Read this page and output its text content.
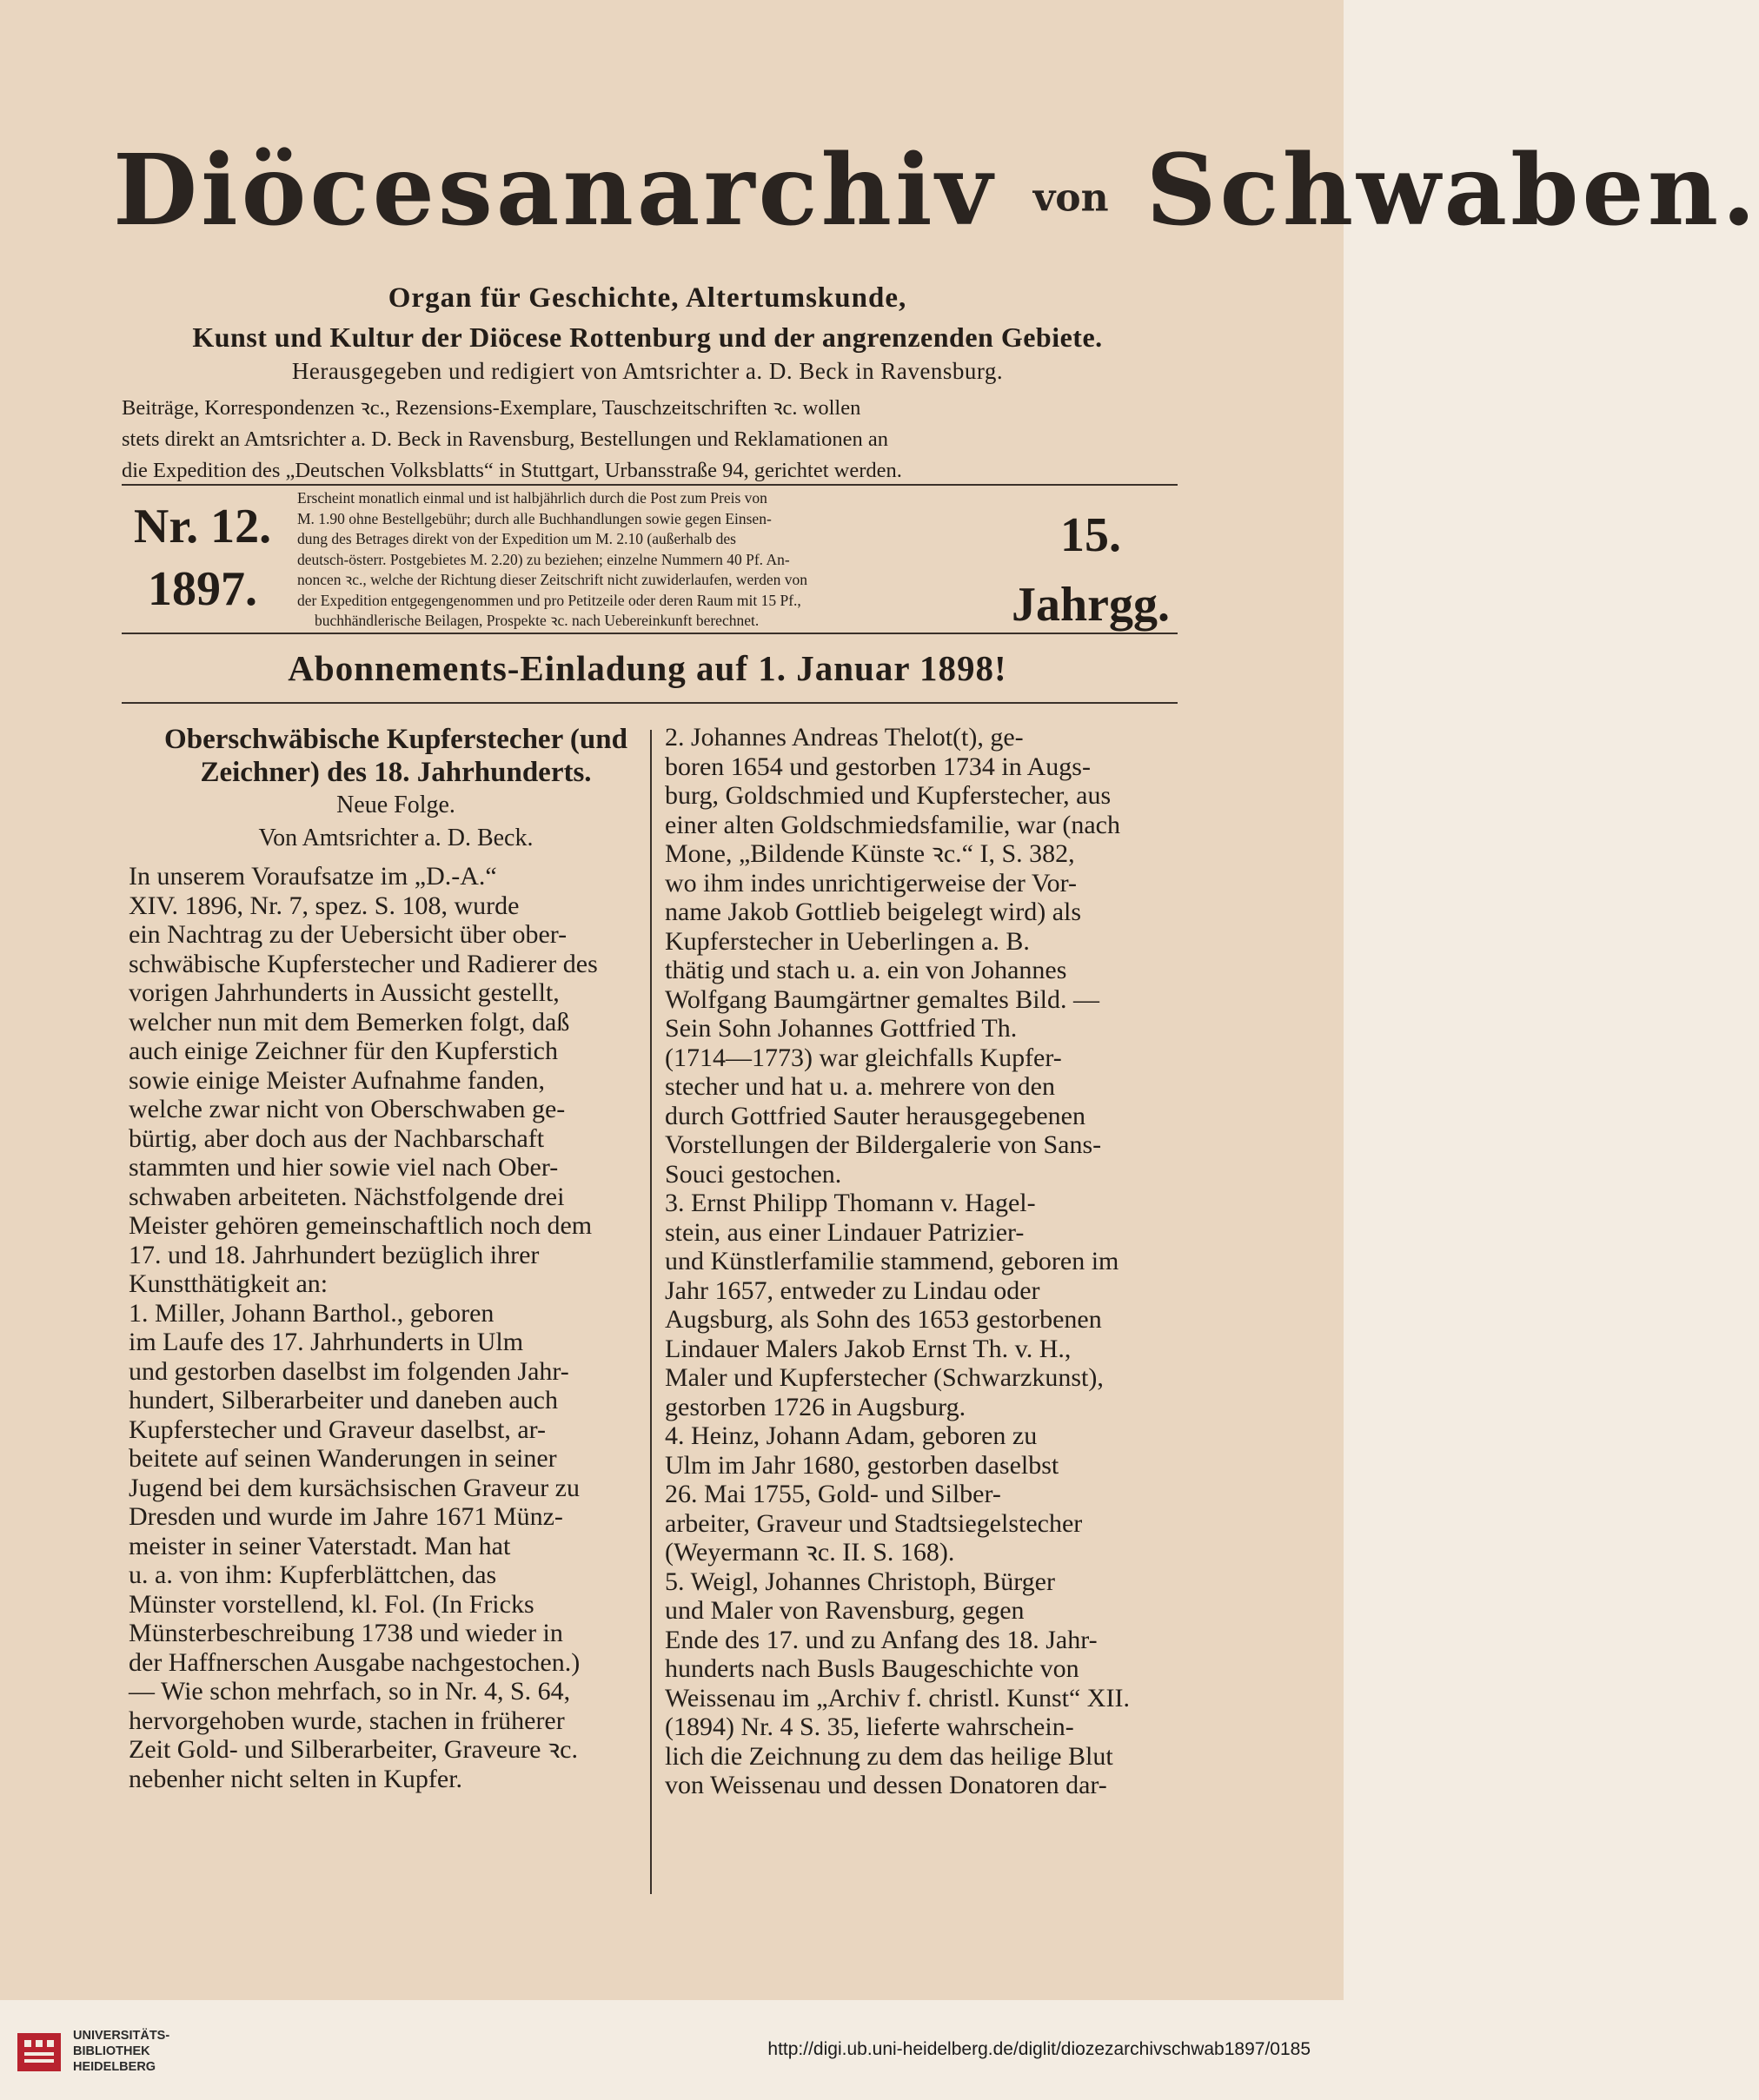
Diöcesanarchiv von Schwaben.
Organ für Geschichte, Altertumskunde,
Kunst und Kultur der Diöcese Rottenburg und der angrenzenden Gebiete.
Herausgegeben und redigiert von Amtsrichter a. D. Beck in Ravensburg.
Beiträge, Korrespondenzen ꝛc., Rezensions-Exemplare, Tauschzeitschriften ꝛc. wollen
stets direkt an Amtsrichter a. D. Beck in Ravensburg, Bestellungen und Reklamationen an
die Expedition des „Deutschen Volksblatts“ in Stuttgart, Urbansstraße 94, gerichtet werden.
Nr. 12.
1897.
Erscheint monatlich einmal und ist halbjährlich durch die Post zum Preis von
M. 1.90 ohne Bestellgebühr; durch alle Buchhandlungen sowie gegen Einsen-
dung des Betrages direkt von der Expedition um M. 2.10 (außerhalb des
deutsch-österr. Postgebietes M. 2.20) zu beziehen; einzelne Nummern 40 Pf. An-
noncen ꝛc., welche der Richtung dieser Zeitschrift nicht zuwiderlaufen, werden von
der Expedition entgegengenommen und pro Petitzeile oder deren Raum mit 15 Pf.,
buchhändlerische Beilagen, Prospekte ꝛc. nach Uebereinkunft berechnet.
15.
Jahrgg.
Abonnements-Einladung auf 1. Januar 1898!
Oberschwäbische Kupferstecher (und
Zeichner) des 18. Jahrhunderts.
Neue Folge.
Von Amtsrichter a. D. Beck.
In unserem Voraufsatze im „D.-A.“
XIV. 1896, Nr. 7, spez. S. 108, wurde
ein Nachtrag zu der Uebersicht über ober-
schwäbische Kupferstecher und Radierer des
vorigen Jahrhunderts in Aussicht gestellt,
welcher nun mit dem Bemerken folgt, daß
auch einige Zeichner für den Kupferstich
sowie einige Meister Aufnahme fanden,
welche zwar nicht von Oberschwaben ge-
bürtig, aber doch aus der Nachbarschaft
stammten und hier sowie viel nach Ober-
schwaben arbeiteten. Nächstfolgende drei
Meister gehören gemeinschaftlich noch dem
17. und 18. Jahrhundert bezüglich ihrer
Kunstthätigkeit an:
1. Miller, Johann Barthol., geboren
im Laufe des 17. Jahrhunderts in Ulm
und gestorben daselbst im folgenden Jahr-
hundert, Silberarbeiter und daneben auch
Kupferstecher und Graveur daselbst, ar-
beitete auf seinen Wanderungen in seiner
Jugend bei dem kursächsischen Graveur zu
Dresden und wurde im Jahre 1671 Münz-
meister in seiner Vaterstadt. Man hat
u. a. von ihm: Kupferblättchen, das
Münster vorstellend, kl. Fol. (In Fricks
Münsterbeschreibung 1738 und wieder in
der Haffnerschen Ausgabe nachgestochen.)
— Wie schon mehrfach, so in Nr. 4, S. 64,
hervorgehoben wurde, stachen in früherer
Zeit Gold- und Silberarbeiter, Graveure ꝛc.
nebenher nicht selten in Kupfer.
2. Johannes Andreas Thelot(t), ge-
boren 1654 und gestorben 1734 in Augs-
burg, Goldschmied und Kupferstecher, aus
einer alten Goldschmiedsfamilie, war (nach
Mone, „Bildende Künste ꝛc.“ I, S. 382,
wo ihm indes unrichtigerweise der Vor-
name Jakob Gottlieb beigelegt wird) als
Kupferstecher in Ueberlingen a. B.
thätig und stach u. a. ein von Johannes
Wolfgang Baumgärtner gemaltes Bild. —
Sein Sohn Johannes Gottfried Th.
(1714—1773) war gleichfalls Kupfer-
stecher und hat u. a. mehrere von den
durch Gottfried Sauter herausgegebenen
Vorstellungen der Bildergalerie von Sans-
Souci gestochen.
3. Ernst Philipp Thomann v. Hagel-
stein, aus einer Lindauer Patrizier-
und Künstlerfamilie stammend, geboren im
Jahr 1657, entweder zu Lindau oder
Augsburg, als Sohn des 1653 gestorbenen
Lindauer Malers Jakob Ernst Th. v. H.,
Maler und Kupferstecher (Schwarzkunst),
gestorben 1726 in Augsburg.
4. Heinz, Johann Adam, geboren zu
Ulm im Jahr 1680, gestorben daselbst
26. Mai 1755, Gold- und Silber-
arbeiter, Graveur und Stadtsiegelstecher
(Weyermann ꝛc. II. S. 168).
5. Weigl, Johannes Christoph, Bürger
und Maler von Ravensburg, gegen
Ende des 17. und zu Anfang des 18. Jahr-
hunderts nach Busls Baugeschichte von
Weissenau im „Archiv f. christl. Kunst“ XII.
(1894) Nr. 4 S. 35, lieferte wahrschein-
lich die Zeichnung zu dem das heilige Blut
von Weissenau und dessen Donatoren dar-
UNIVERSITÄTS-
BIBLIOTHEK
HEIDELBERG
http://digi.ub.uni-heidelberg.de/diglit/diozezarchivschwab1897/0185
